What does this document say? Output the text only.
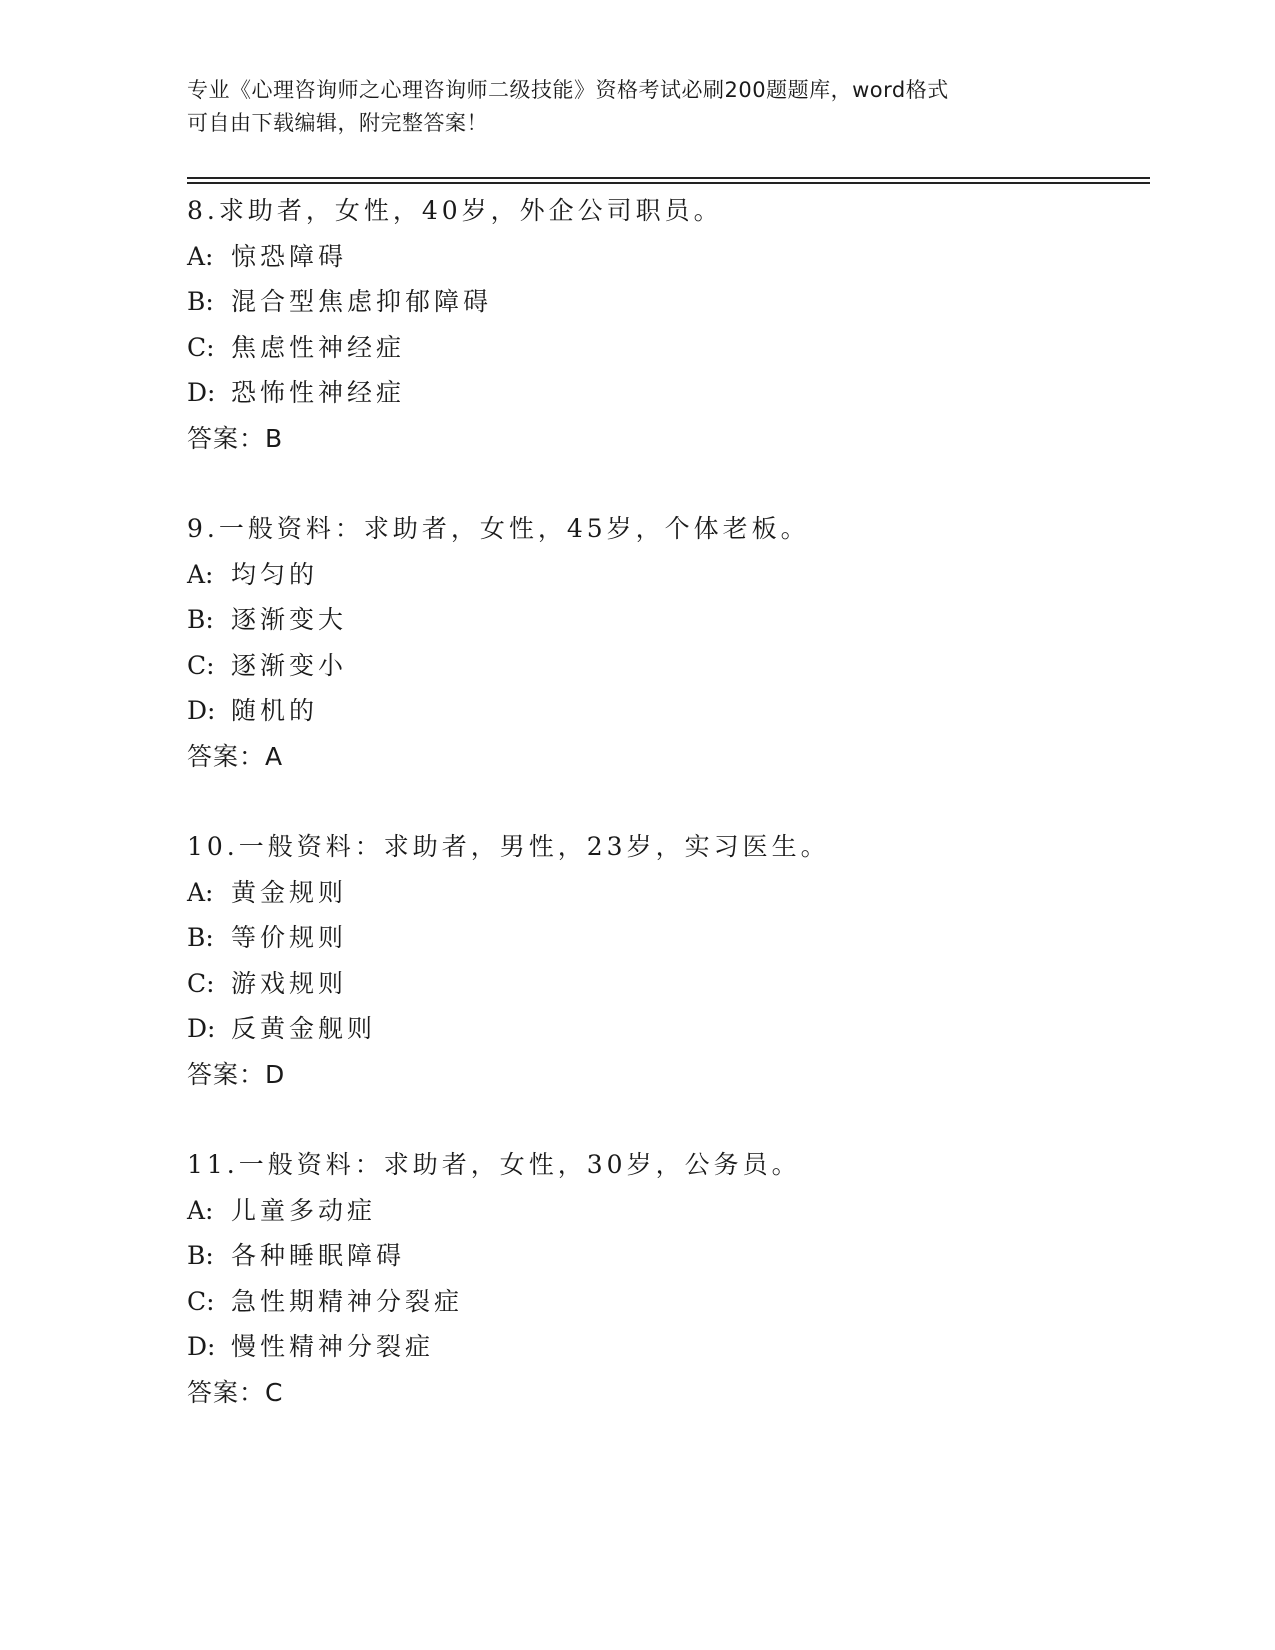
专业《心理咨询师之心理咨询师二级技能》资格考试必刷200题题库，word格式

可自由下载编辑，附完整答案！

8.求助者，女性，40岁，外企公司职员。
A: 惊恐障碍
B: 混合型焦虑抑郁障碍
C: 焦虑性神经症
D: 恐怖性神经症
答案：B
9.一般资料：求助者，女性，45岁，个体老板。
A: 均匀的
B: 逐渐变大
C: 逐渐变小
D: 随机的
答案：A
10.一般资料：求助者，男性，23岁，实习医生。
A: 黄金规则
B: 等价规则
C: 游戏规则
D: 反黄金舰则
答案：D
11.一般资料：求助者，女性，30岁，公务员。
A: 儿童多动症
B: 各种睡眠障碍
C: 急性期精神分裂症
D: 慢性精神分裂症
答案：C
